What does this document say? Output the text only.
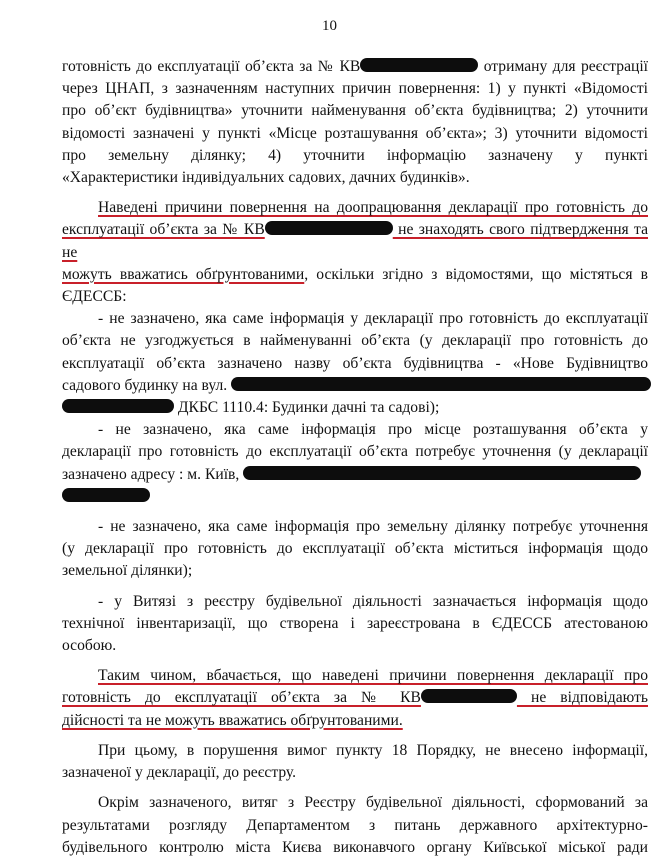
10

готовність до експлуатації об’єкта за № КВ	отриману для реєстрації
через ЦНАП, з зазначенням наступних причин повернення: 1) у пункті «Відомості
про об’єкт будівництва» уточнити найменування об’єкта будівництва; 2) уточнити
відомості зазначені у пункті «Місце розташування об’єкта»; 3) уточнити відомості
про земельну ділянку; 4) уточнити інформацію зазначену у пункті
«Характеристики індивідуальних садових, дачних будинків».

Наведені причини повернення на доопрацювання декларації про готовність до
експлуатації об’єкта за № КВ	не знаходять свого підтвердження та не
можуть вважатись обґрунтованими, оскільки згідно з відомостями, що містяться в
ЄДЕССБ:

- не зазначено, яка саме інформація у декларації про готовність до експлуатації
об’єкта не узгоджується в найменуванні об’єкта (у декларації про готовність до
експлуатації об’єкта зазначено назву об’єкта будівництва - «Нове Будівництво
садового будинку на вул.
ДКБС 1110.4: Будинки дачні та садові);

- не зазначено, яка саме інформація про місце розташування об’єкта у
декларації про готовність до експлуатації об’єкта потребує уточнення (у декларації
зазначено адресу : м. Київ,

- не зазначено, яка саме інформація про земельну ділянку потребує уточнення
(у декларації про готовність до експлуатації об’єкта міститься інформація щодо
земельної ділянки);

- у Витязі з реєстру будівельної діяльності зазначається інформація щодо
технічної інвентаризації, що створена і зареєстрована в ЄДЕССБ атестованою
особою.

Таким чином, вбачається, що наведені причини повернення декларації про
готовність до експлуатації об’єкта за № КВ	не відповідають
дійсності та не можуть вважатись обґрунтованими.

При цьому, в порушення вимог пункту 18 Порядку, не внесено інформації,
зазначеної у декларації, до реєстру.

Окрім зазначеного, витяг з Реєстру будівельної діяльності, сформований за
результатами розгляду Департаментом з питань державного архітектурно-
будівельного контролю міста Києва виконавчого органу Київської міської ради
